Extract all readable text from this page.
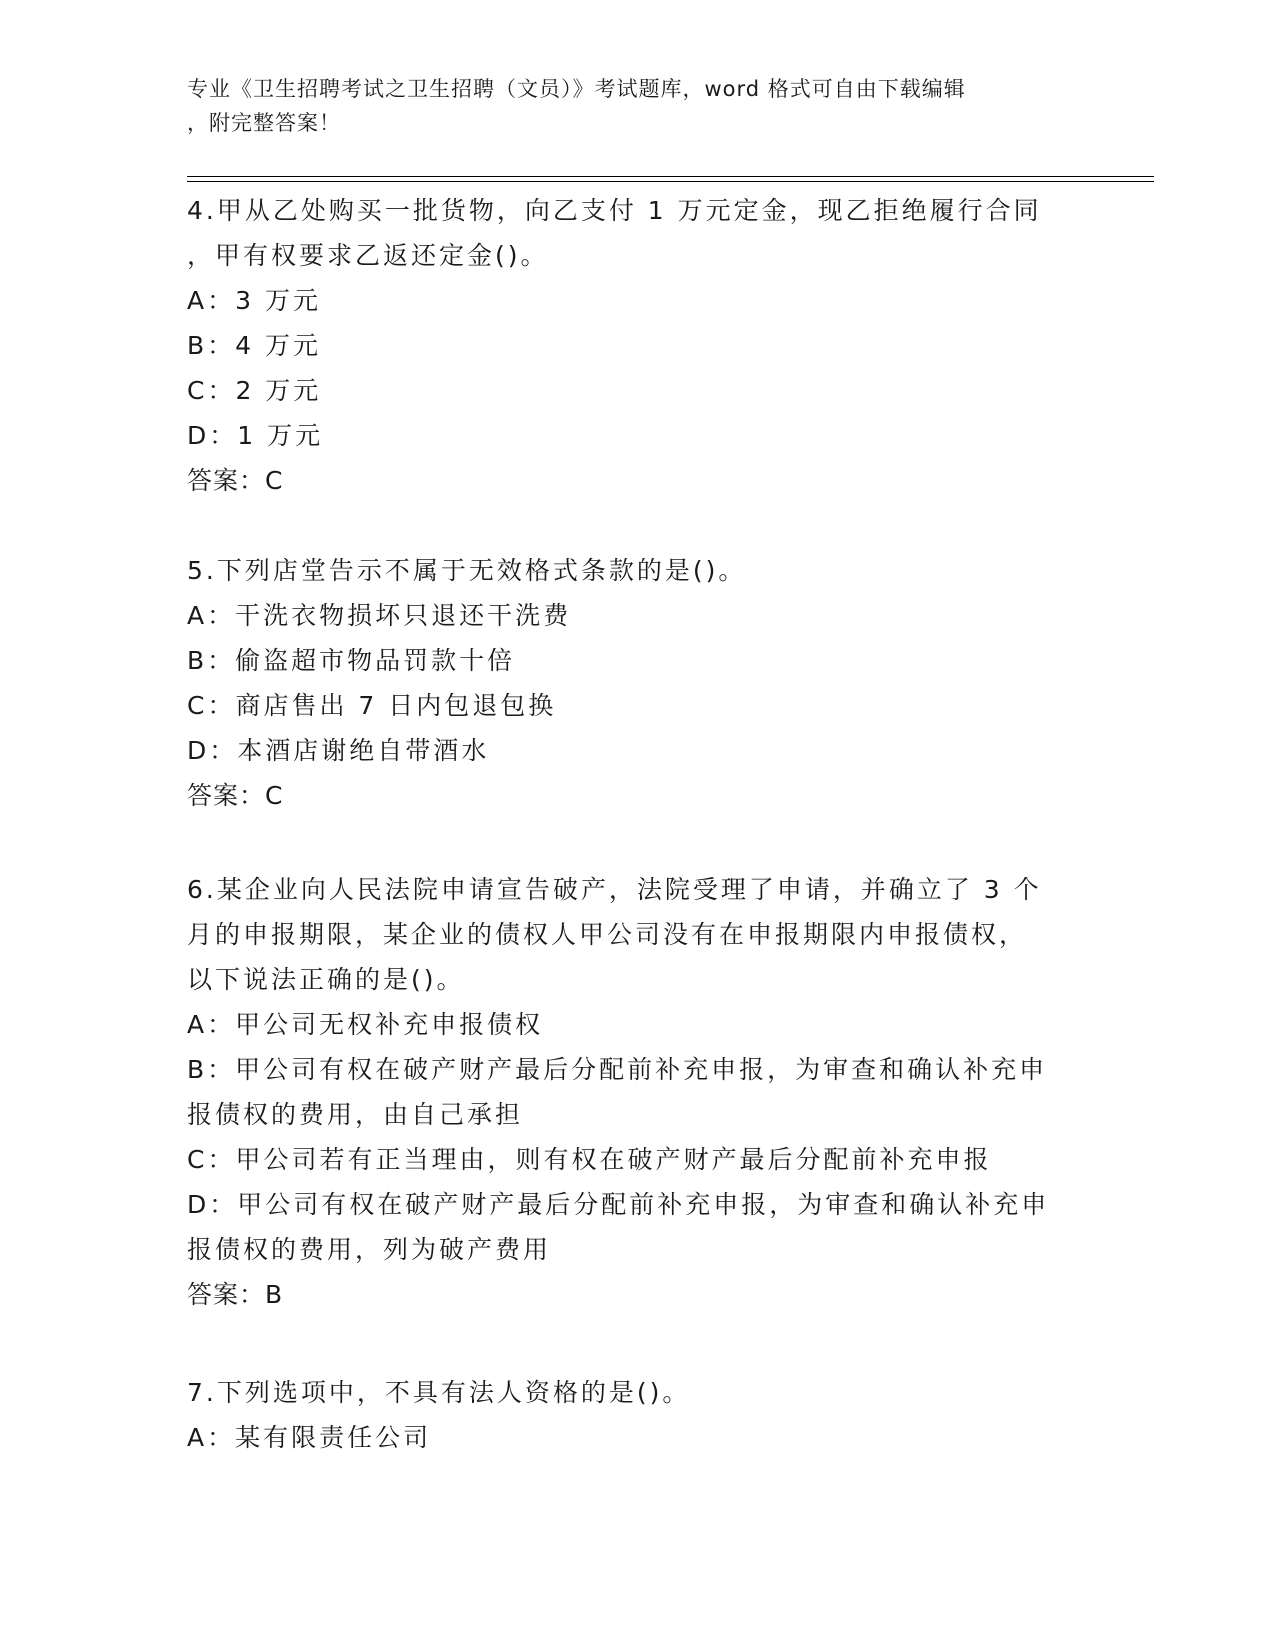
专业《卫生招聘考试之卫生招聘（文员）》考试题库，word 格式可自由下载编辑
，附完整答案！
4.甲从乙处购买一批货物，向乙支付 1 万元定金，现乙拒绝履行合同
，甲有权要求乙返还定金()。
A：3 万元
B：4 万元
C：2 万元
D：1 万元
答案：C
5.下列店堂告示不属于无效格式条款的是()。
A：干洗衣物损坏只退还干洗费
B：偷盗超市物品罚款十倍
C：商店售出 7 日内包退包换
D：本酒店谢绝自带酒水
答案：C
6.某企业向人民法院申请宣告破产，法院受理了申请，并确立了 3 个
月的申报期限，某企业的债权人甲公司没有在申报期限内申报债权，
以下说法正确的是()。
A：甲公司无权补充申报债权
B：甲公司有权在破产财产最后分配前补充申报，为审查和确认补充申
报债权的费用，由自己承担
C：甲公司若有正当理由，则有权在破产财产最后分配前补充申报
D：甲公司有权在破产财产最后分配前补充申报，为审查和确认补充申
报债权的费用，列为破产费用
答案：B
7.下列选项中，不具有法人资格的是()。
A：某有限责任公司
